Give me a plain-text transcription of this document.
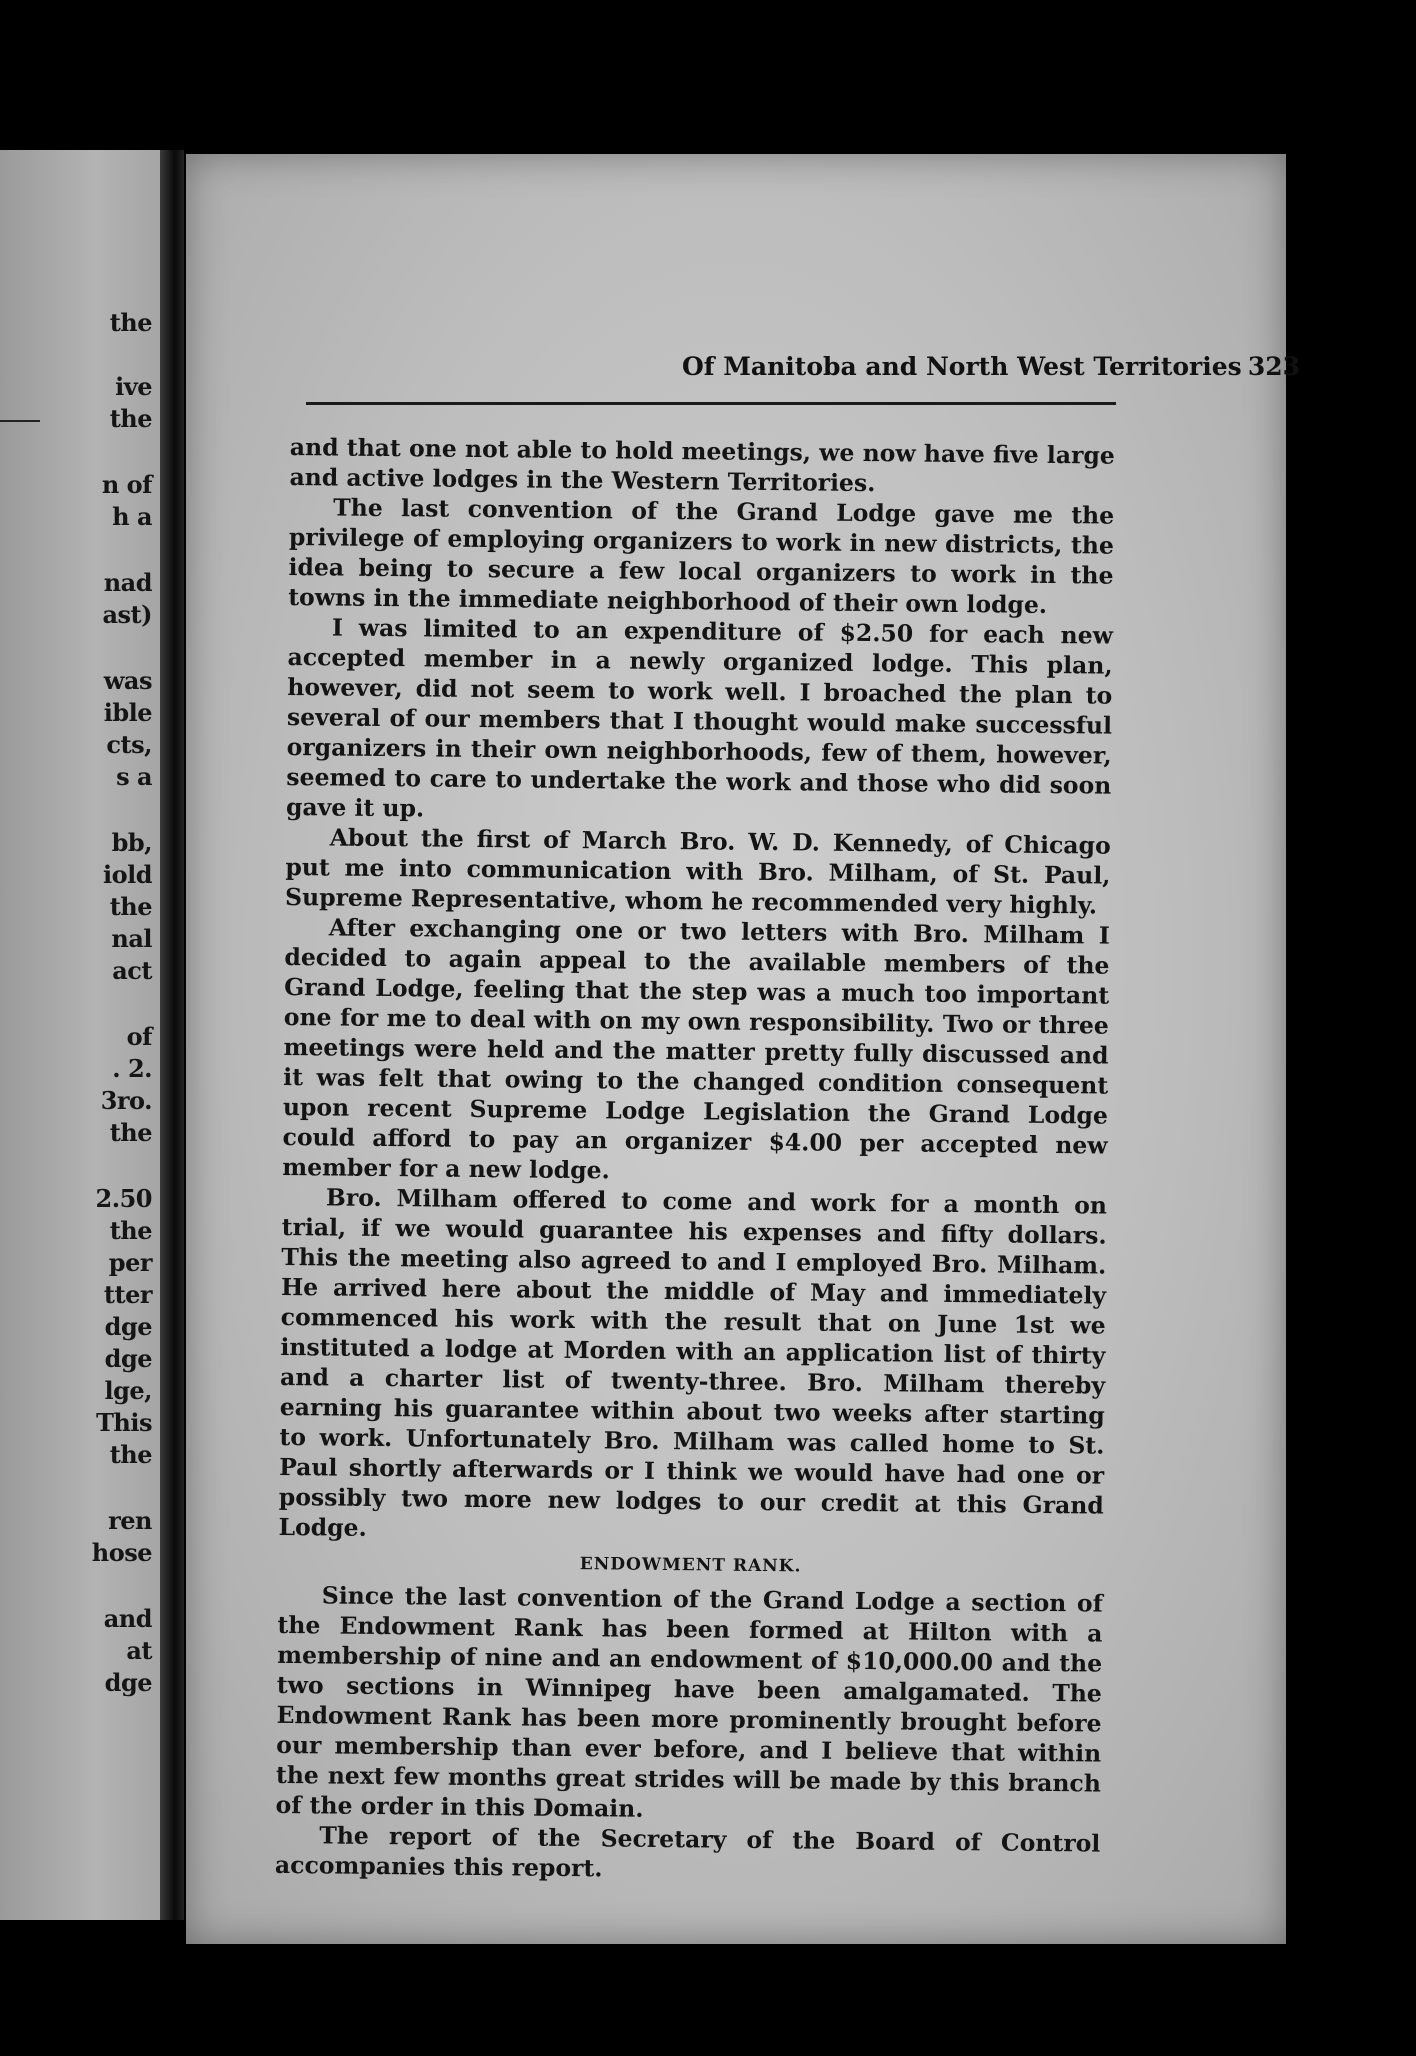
the
ive
the
n of
h a
nad
ast)
was
ible
cts,
s a
bb,
iold
the
nal
act
of
. 2.
3ro.
the
2.50
the
per
tter
dge
dge
lge,
This
the
ren
hose
and
at
dge
Of Manitoba and North West Territories 323

and that one not able to hold meetings, we now have five large and active lodges in the Western Territories.

The last convention of the Grand Lodge gave me the privilege of employing organizers to work in new districts, the idea being to secure a few local organizers to work in the towns in the immediate neighborhood of their own lodge.

I was limited to an expenditure of $2.50 for each new accepted member in a newly organized lodge. This plan, however, did not seem to work well. I broached the plan to several of our members that I thought would make successful organizers in their own neighborhoods, few of them, however, seemed to care to undertake the work and those who did soon gave it up.

About the first of March Bro. W. D. Kennedy, of Chicago put me into communication with Bro. Milham, of St. Paul, Supreme Representative, whom he recommended very highly.

After exchanging one or two letters with Bro. Milham I decided to again appeal to the available members of the Grand Lodge, feeling that the step was a much too important one for me to deal with on my own responsibility. Two or three meetings were held and the matter pretty fully discussed and it was felt that owing to the changed condition consequent upon recent Supreme Lodge Legislation the Grand Lodge could afford to pay an organizer $4.00 per accepted new member for a new lodge.

Bro. Milham offered to come and work for a month on trial, if we would guarantee his expenses and fifty dollars. This the meeting also agreed to and I employed Bro. Milham. He arrived here about the middle of May and immediately commenced his work with the result that on June 1st we instituted a lodge at Morden with an application list of thirty and a charter list of twenty-three. Bro. Milham thereby earning his guarantee within about two weeks after starting to work. Unfortunately Bro. Milham was called home to St. Paul shortly afterwards or I think we would have had one or possibly two more new lodges to our credit at this Grand Lodge.

ENDOWMENT RANK.

Since the last convention of the Grand Lodge a section of the Endowment Rank has been formed at Hilton with a membership of nine and an endowment of $10,000.00 and the two sections in Winnipeg have been amalgamated. The Endowment Rank has been more prominently brought before our membership than ever before, and I believe that within the next few months great strides will be made by this branch of the order in this Domain.

The report of the Secretary of the Board of Control accompanies this report.
